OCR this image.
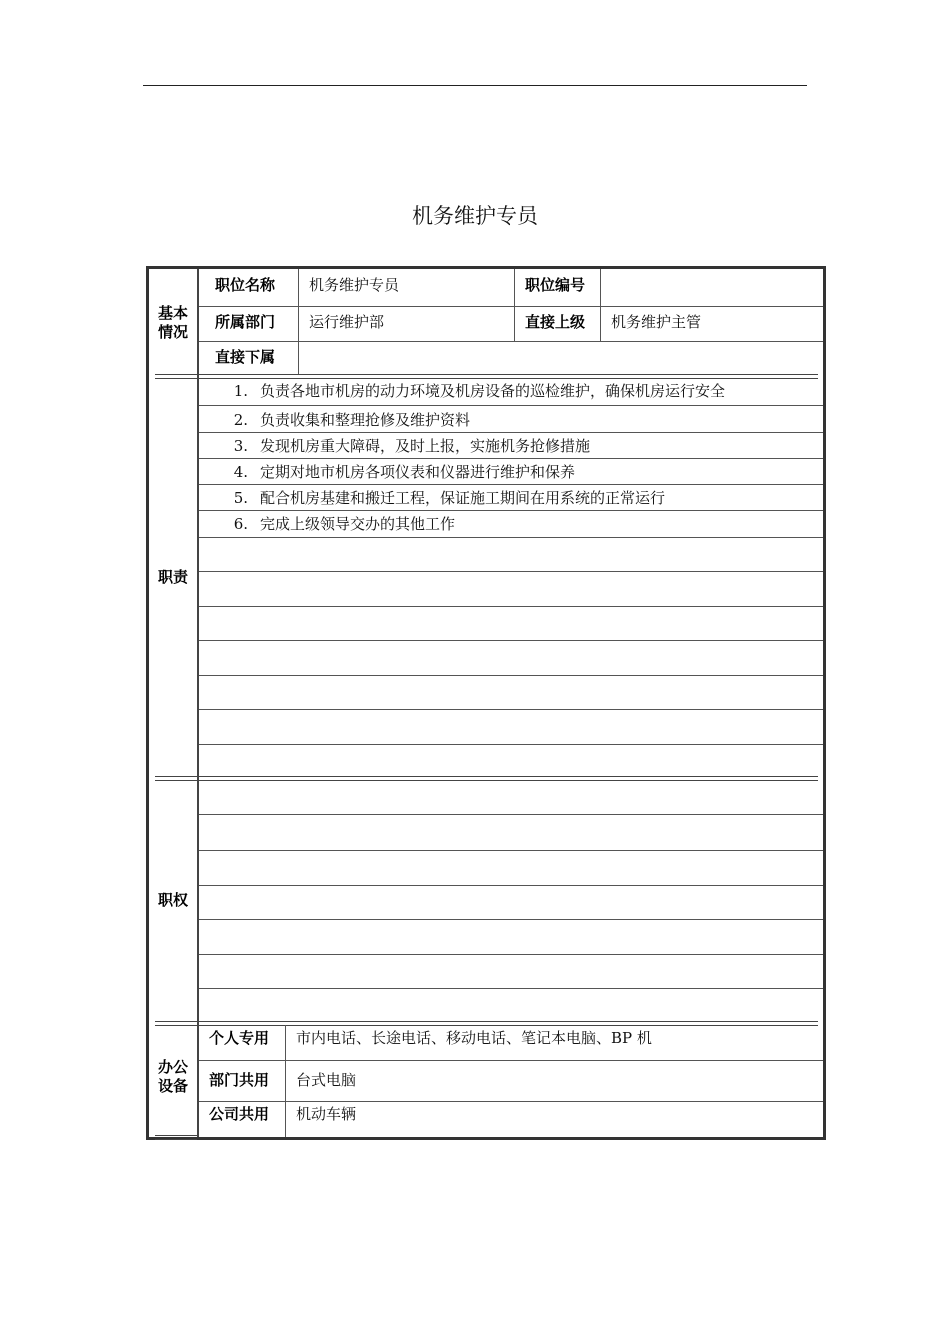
机务维护专员
基本
情况
职位名称 机务维护专员	职位编号
所属部门 运行维护部	直接上级 机务维护主管
直接下属
职责
1. 负责各地市机房的动力环境及机房设备的巡检维护，确保机房运行安全
2. 负责收集和整理抢修及维护资料
3. 发现机房重大障碍，及时上报，实施机务抢修措施
4. 定期对地市机房各项仪表和仪器进行维护和保养
5. 配合机房基建和搬迁工程，保证施工期间在用系统的正常运行
6. 完成上级领导交办的其他工作
职权
办公
设备
个人专用 市内电话、长途电话、移动电话、笔记本电脑、BP 机
部门共用 台式电脑
公司共用 机动车辆
